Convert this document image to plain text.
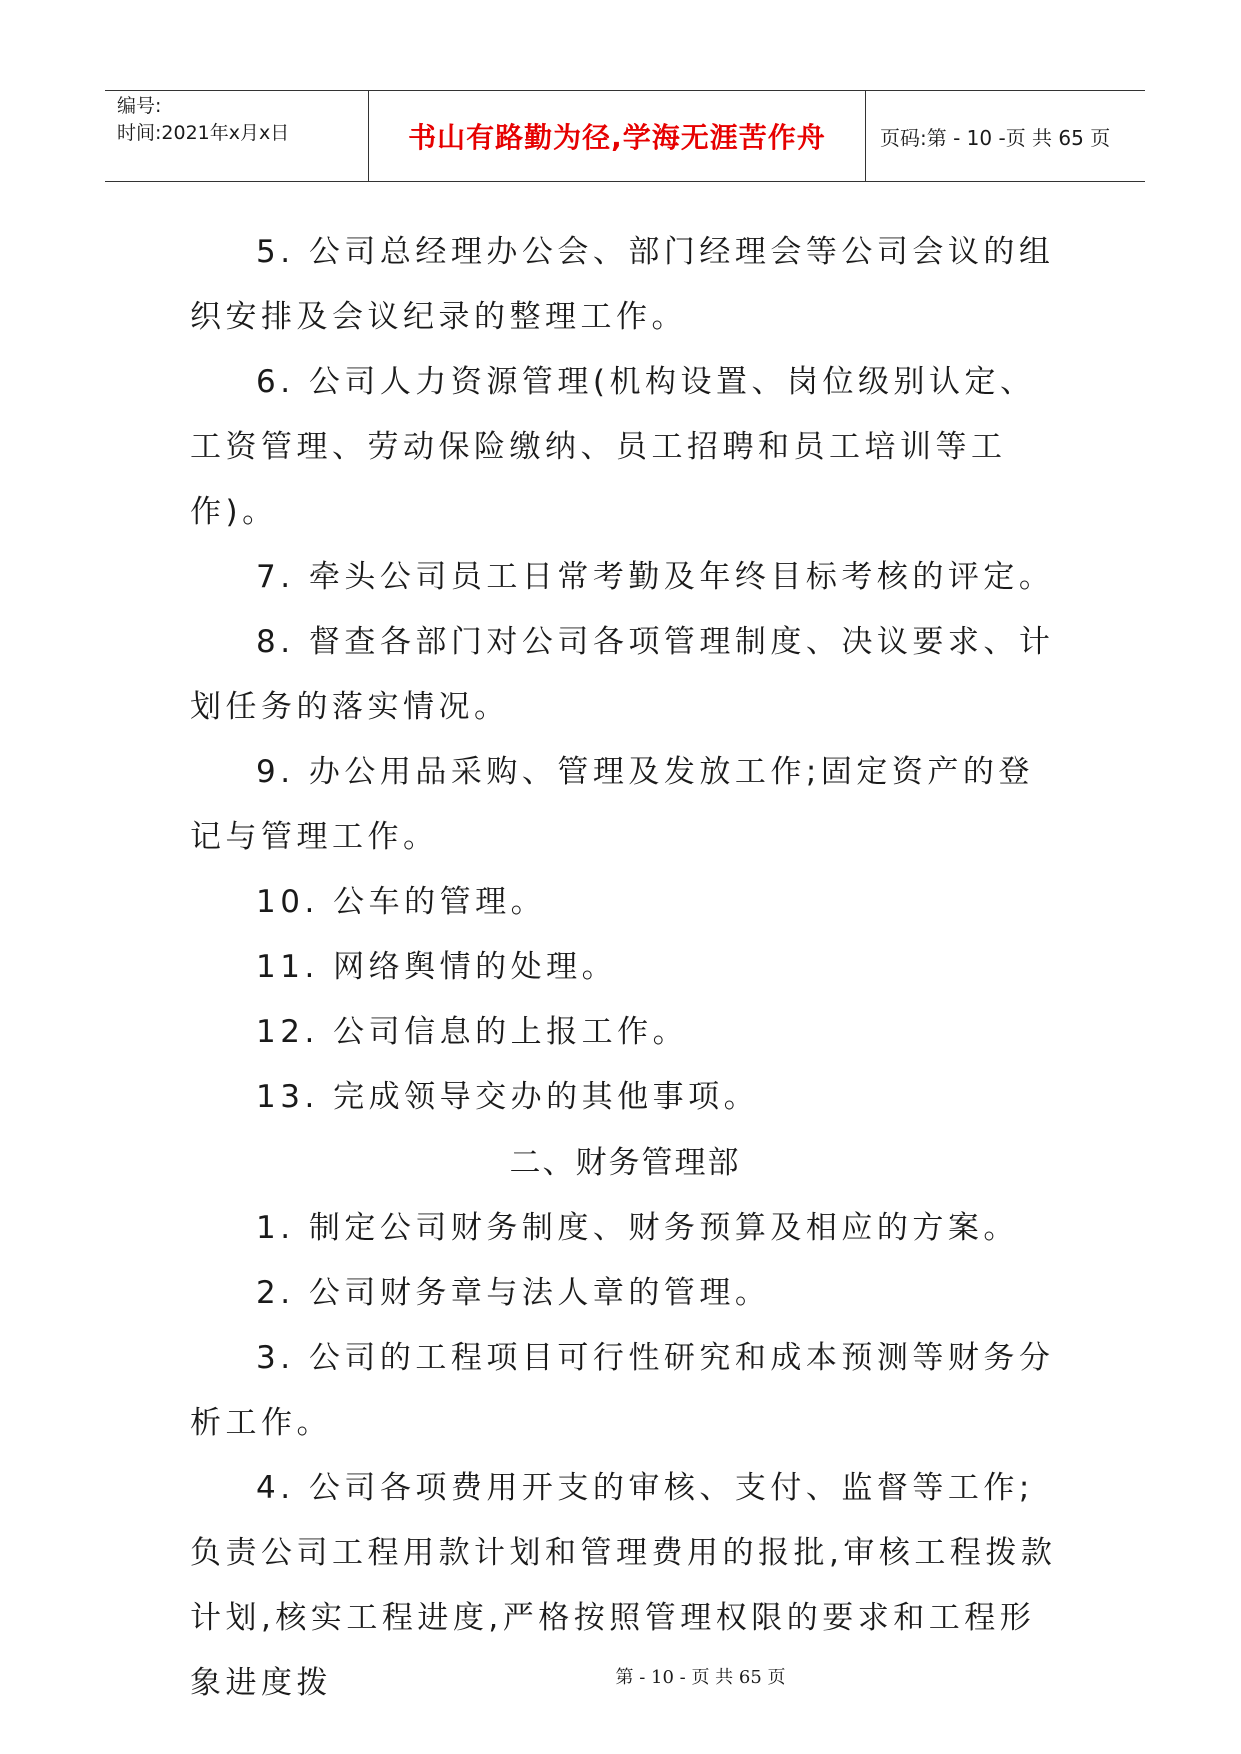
编号:
时间:2021年x月x日	书山有路勤为径,学海无涯苦作舟	页码:第 - 10 -页 共 65 页

5. 公司总经理办公会、部门经理会等公司会议的组织安排及会议纪录的整理工作。

6. 公司人力资源管理(机构设置、岗位级别认定、工资管理、劳动保险缴纳、员工招聘和员工培训等工作)。

7. 牵头公司员工日常考勤及年终目标考核的评定。

8. 督查各部门对公司各项管理制度、决议要求、计划任务的落实情况。

9. 办公用品采购、管理及发放工作;固定资产的登记与管理工作。

10. 公车的管理。

11. 网络舆情的处理。

12. 公司信息的上报工作。

13. 完成领导交办的其他事项。

二、财务管理部

1. 制定公司财务制度、财务预算及相应的方案。

2. 公司财务章与法人章的管理。

3. 公司的工程项目可行性研究和成本预测等财务分析工作。

4. 公司各项费用开支的审核、支付、监督等工作;负责公司工程用款计划和管理费用的报批,审核工程拨款计划,核实工程进度,严格按照管理权限的要求和工程形象进度拨	第 - 10 - 页 共 65 页
